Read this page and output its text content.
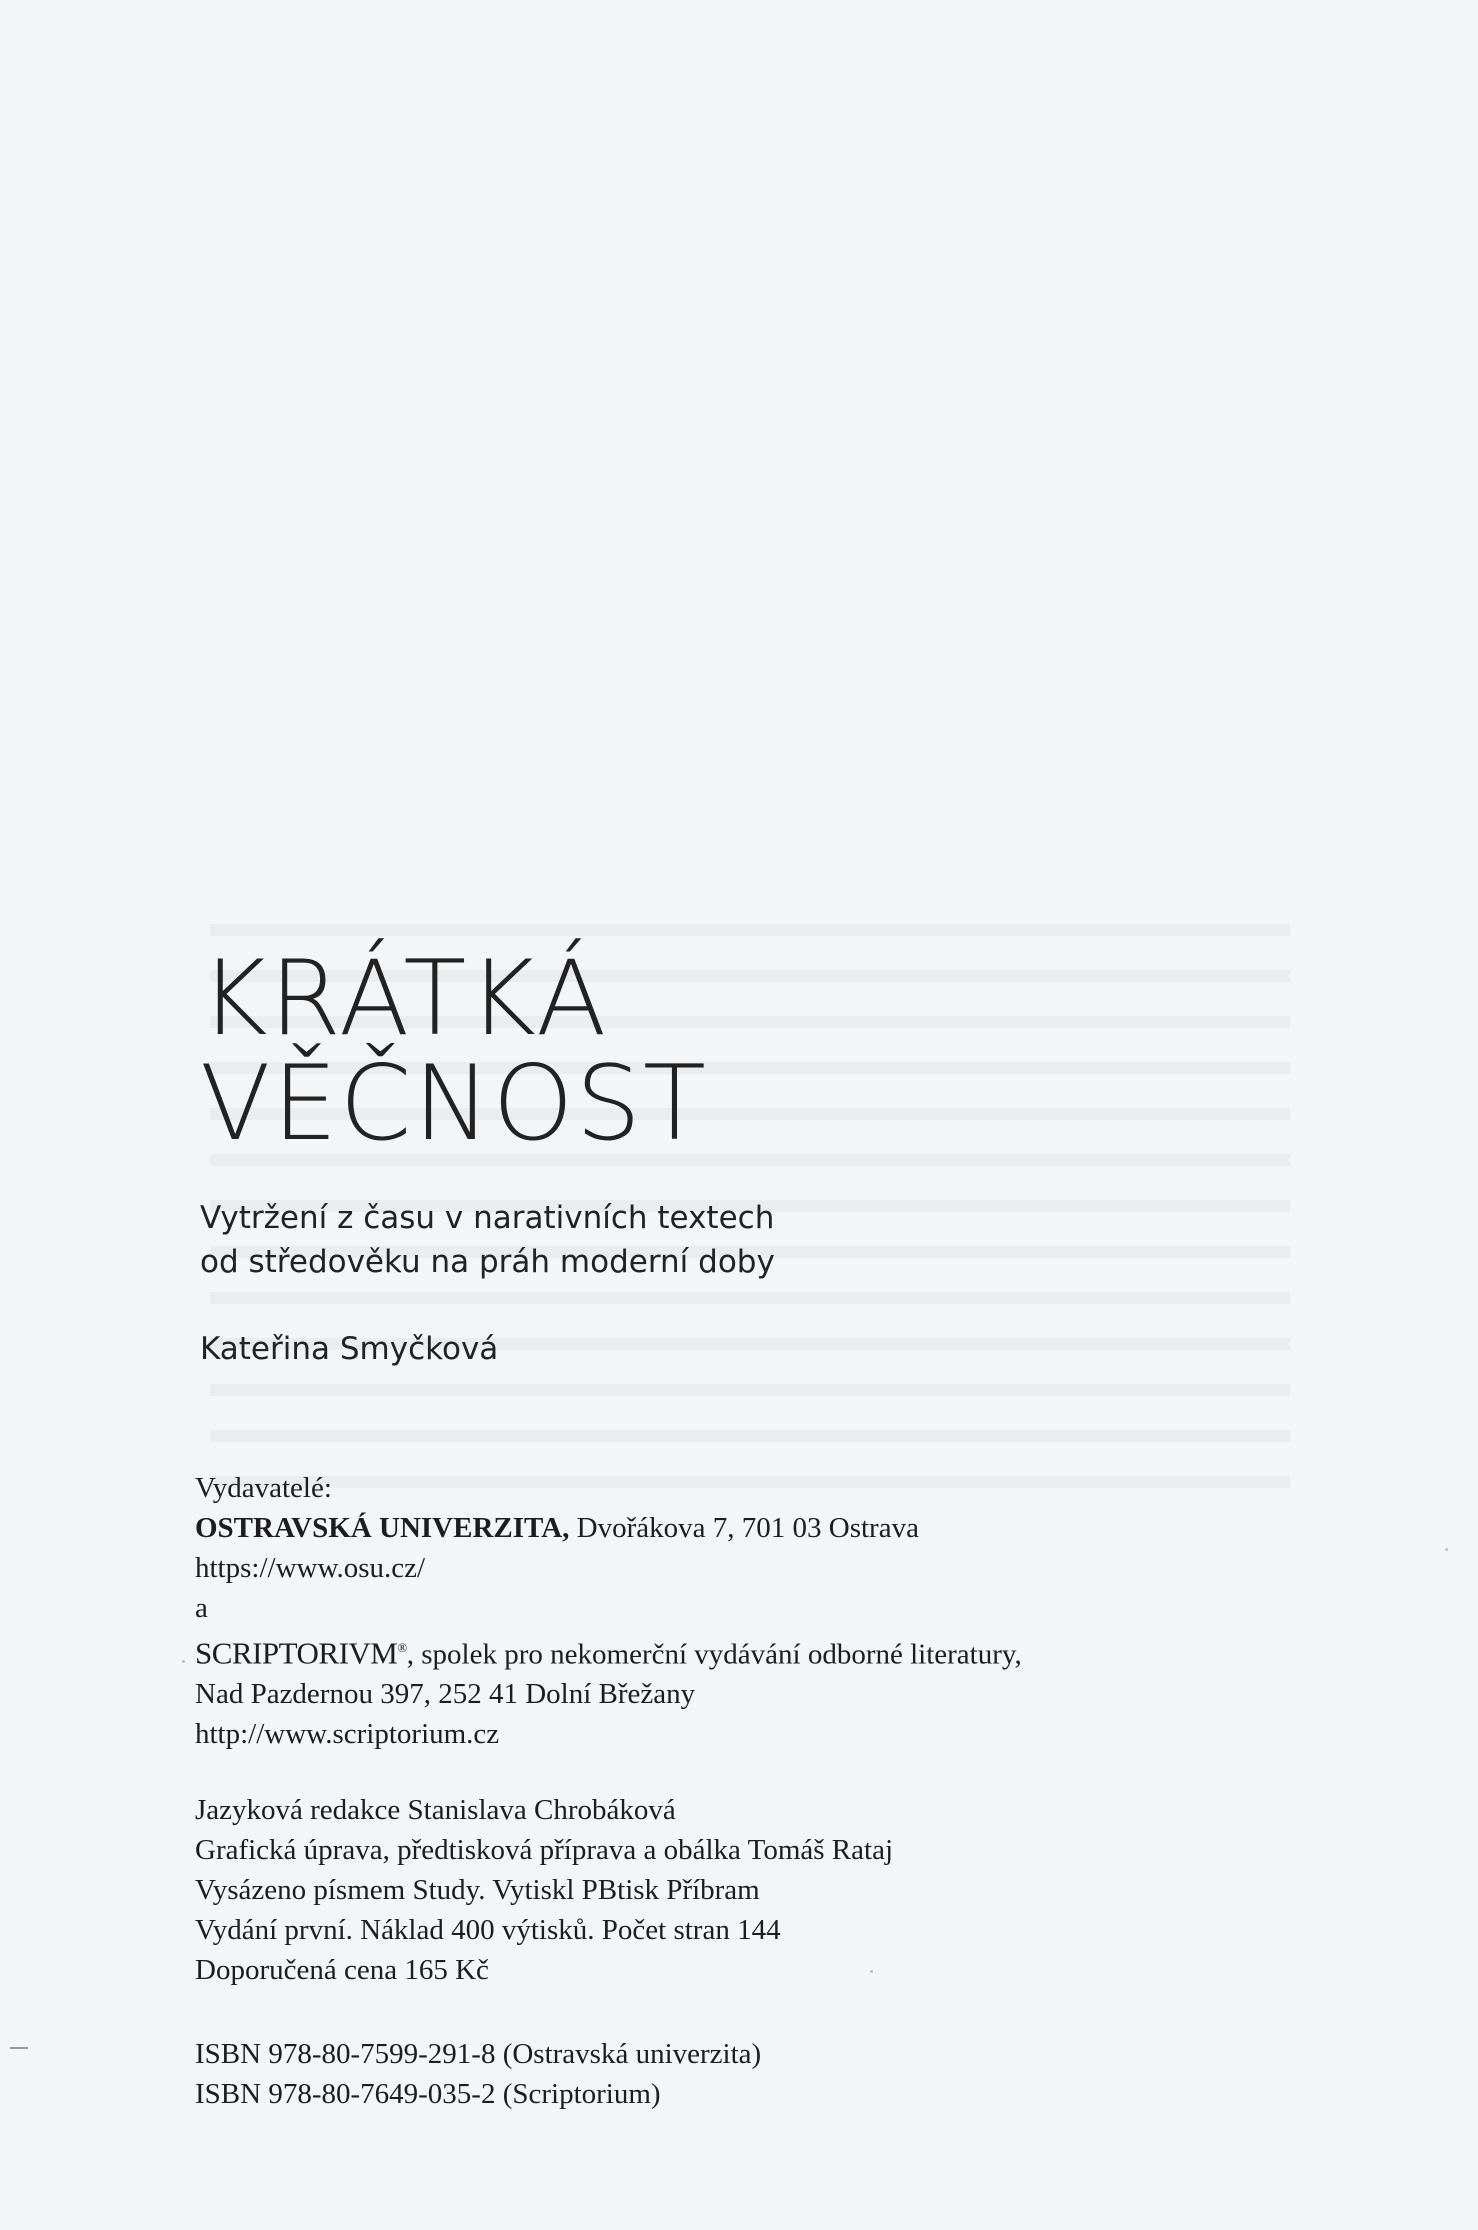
KRÁTKÁ
VĚČNOST
Vytržení z času v narativních textech
od středověku na práh moderní doby
Kateřina Smyčková
Vydavatelé:
OSTRAVSKÁ UNIVERZITA, Dvořákova 7, 701 03 Ostrava
https://www.osu.cz/
a
SCRIPTORIVM®, spolek pro nekomerční vydávání odborné literatury,
Nad Pazdernou 397, 252 41 Dolní Břežany
http://www.scriptorium.cz
Jazyková redakce Stanislava Chrobáková
Grafická úprava, předtisková příprava a obálka Tomáš Rataj
Vysázeno písmem Study. Vytiskl PBtisk Příbram
Vydání první. Náklad 400 výtisků. Počet stran 144
Doporučená cena 165 Kč
ISBN 978-80-7599-291-8 (Ostravská univerzita)
ISBN 978-80-7649-035-2 (Scriptorium)
